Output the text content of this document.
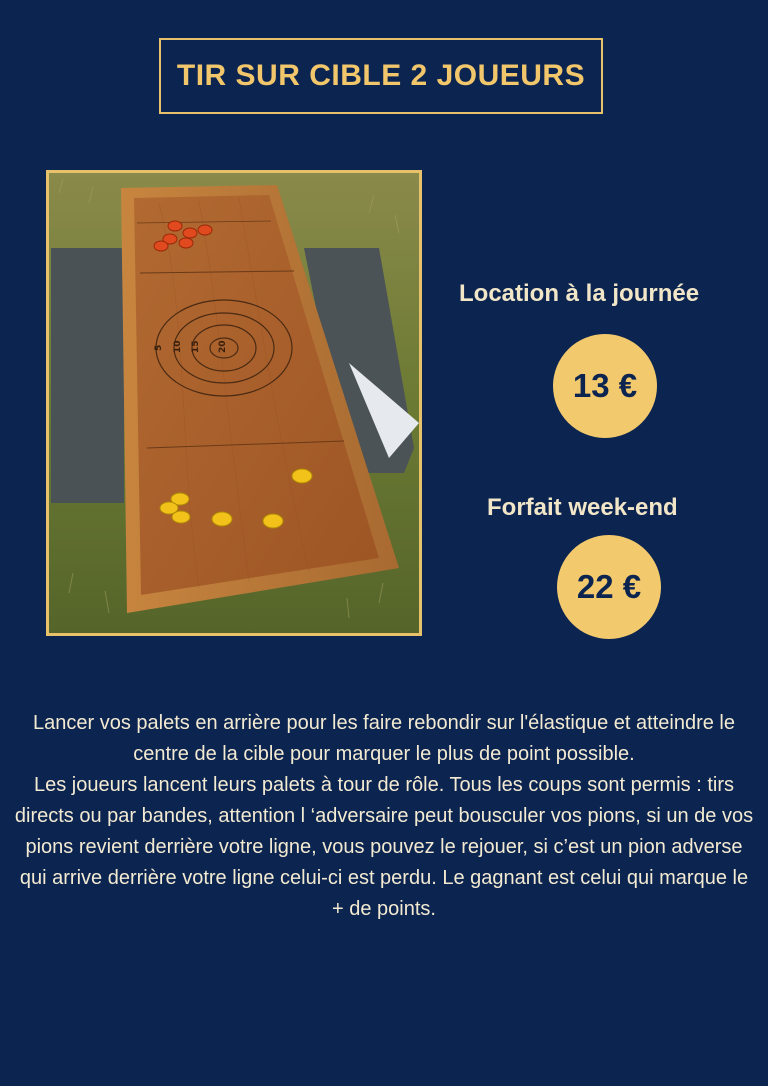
TIR SUR CIBLE 2 JOUEURS
5 10 15 20
Location à la journée
13 €
Forfait week-end
22 €

Lancer vos palets en arrière pour les faire rebondir sur l'élastique et atteindre le centre de la cible pour marquer le plus de point possible.

Les joueurs lancent leurs palets à tour de rôle. Tous les coups sont permis : tirs directs ou par bandes, attention l ‘adversaire peut bousculer vos pions, si un de vos pions revient derrière votre ligne, vous pouvez le rejouer, si c’est un pion adverse qui arrive derrière votre ligne celui-ci est perdu. Le gagnant est celui qui marque le + de points.
